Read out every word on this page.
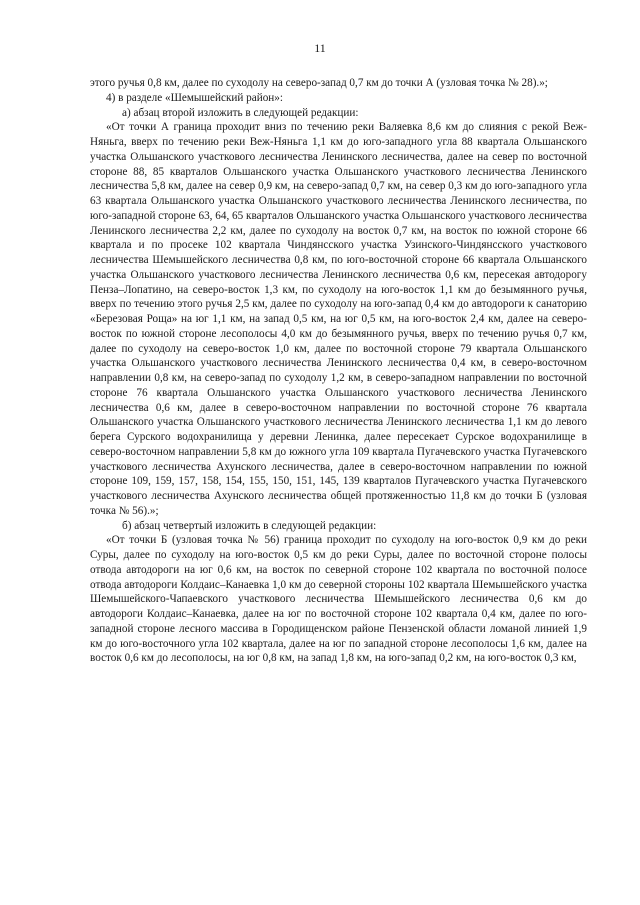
11

этого ручья 0,8 км, далее по суходолу на северо-запад 0,7 км до точки А (узловая точка № 28).»;

4) в разделе «Шемышейский район»:

а) абзац второй изложить в следующей редакции:

«От точки А граница проходит вниз по течению реки Валяевка 8,6 км до слияния с рекой Веж-Няньга, вверх по течению реки Веж-Няньга 1,1 км до юго-западного угла 88 квартала Ольшанского участка Ольшанского участкового лесничества Ленинского лесничества, далее на север по восточной стороне 88, 85 кварталов Ольшанского участка Ольшанского участкового лесничества Ленинского лесничества 5,8 км, далее на север 0,9 км, на северо-запад 0,7 км, на север 0,3 км до юго-западного угла 63 квартала Ольшанского участка Ольшанского участкового лесничества Ленинского лесничества, по юго-западной стороне 63, 64, 65 кварталов Ольшанского участка Ольшанского участкового лесничества Ленинского лесничества 2,2 км, далее по суходолу на восток 0,7 км, на восток по южной стороне 66 квартала и по просеке 102 квартала Чиндянсского участка Узинского-Чиндянсского участкового лесничества Шемышейского лесничества 0,8 км, по юго-восточной стороне 66 квартала Ольшанского участка Ольшанского участкового лесничества Ленинского лесничества 0,6 км, пересекая автодорогу Пенза–Лопатино, на северо-восток 1,3 км, по суходолу на юго-восток 1,1 км до безымянного ручья, вверх по течению этого ручья 2,5 км, далее по суходолу на юго-запад 0,4 км до автодороги к санаторию «Березовая Роща» на юг 1,1 км, на запад 0,5 км, на юг 0,5 км, на юго-восток 2,4 км, далее на северо-восток по южной стороне лесополосы 4,0 км до безымянного ручья, вверх по течению ручья 0,7 км, далее по суходолу на северо-восток 1,0 км, далее по восточной стороне 79 квартала Ольшанского участка Ольшанского участкового лесничества Ленинского лесничества 0,4 км, в северо-восточном направлении 0,8 км, на северо-запад по суходолу 1,2 км, в северо-западном направлении по восточной стороне 76 квартала Ольшанского участка Ольшанского участкового лесничества Ленинского лесничества 0,6 км, далее в северо-восточном направлении по восточной стороне 76 квартала Ольшанского участка Ольшанского участкового лесничества Ленинского лесничества 1,1 км до левого берега Сурского водохранилища у деревни Ленинка, далее пересекает Сурское водохранилище в северо-восточном направлении 5,8 км до южного угла 109 квартала Пугачевского участка Пугачевского участкового лесничества Ахунского лесничества, далее в северо-восточном направлении по южной стороне 109, 159, 157, 158, 154, 155, 150, 151, 145, 139 кварталов Пугачевского участка Пугачевского участкового лесничества Ахунского лесничества общей протяженностью 11,8 км до точки Б (узловая точка № 56).»;

б) абзац четвертый изложить в следующей редакции:

«От точки Б (узловая точка № 56) граница проходит по суходолу на юго-восток 0,9 км до реки Суры, далее по суходолу на юго-восток 0,5 км до реки Суры, далее по восточной стороне полосы отвода автодороги на юг 0,6 км, на восток по северной стороне 102 квартала по восточной полосе отвода автодороги Колдаис–Канаевка 1,0 км до северной стороны 102 квартала Шемышейского участка Шемышейского-Чапаевского участкового лесничества Шемышейского лесничества 0,6 км до автодороги Колдаис–Канаевка, далее на юг по восточной стороне 102 квартала 0,4 км, далее по юго-западной стороне лесного массива в Городищенском районе Пензенской области ломаной линией 1,9 км до юго-восточного угла 102 квартала, далее на юг по западной стороне лесополосы 1,6 км, далее на восток 0,6 км до лесополосы, на юг 0,8 км, на запад 1,8 км, на юго-запад 0,2 км, на юго-восток 0,3 км,
